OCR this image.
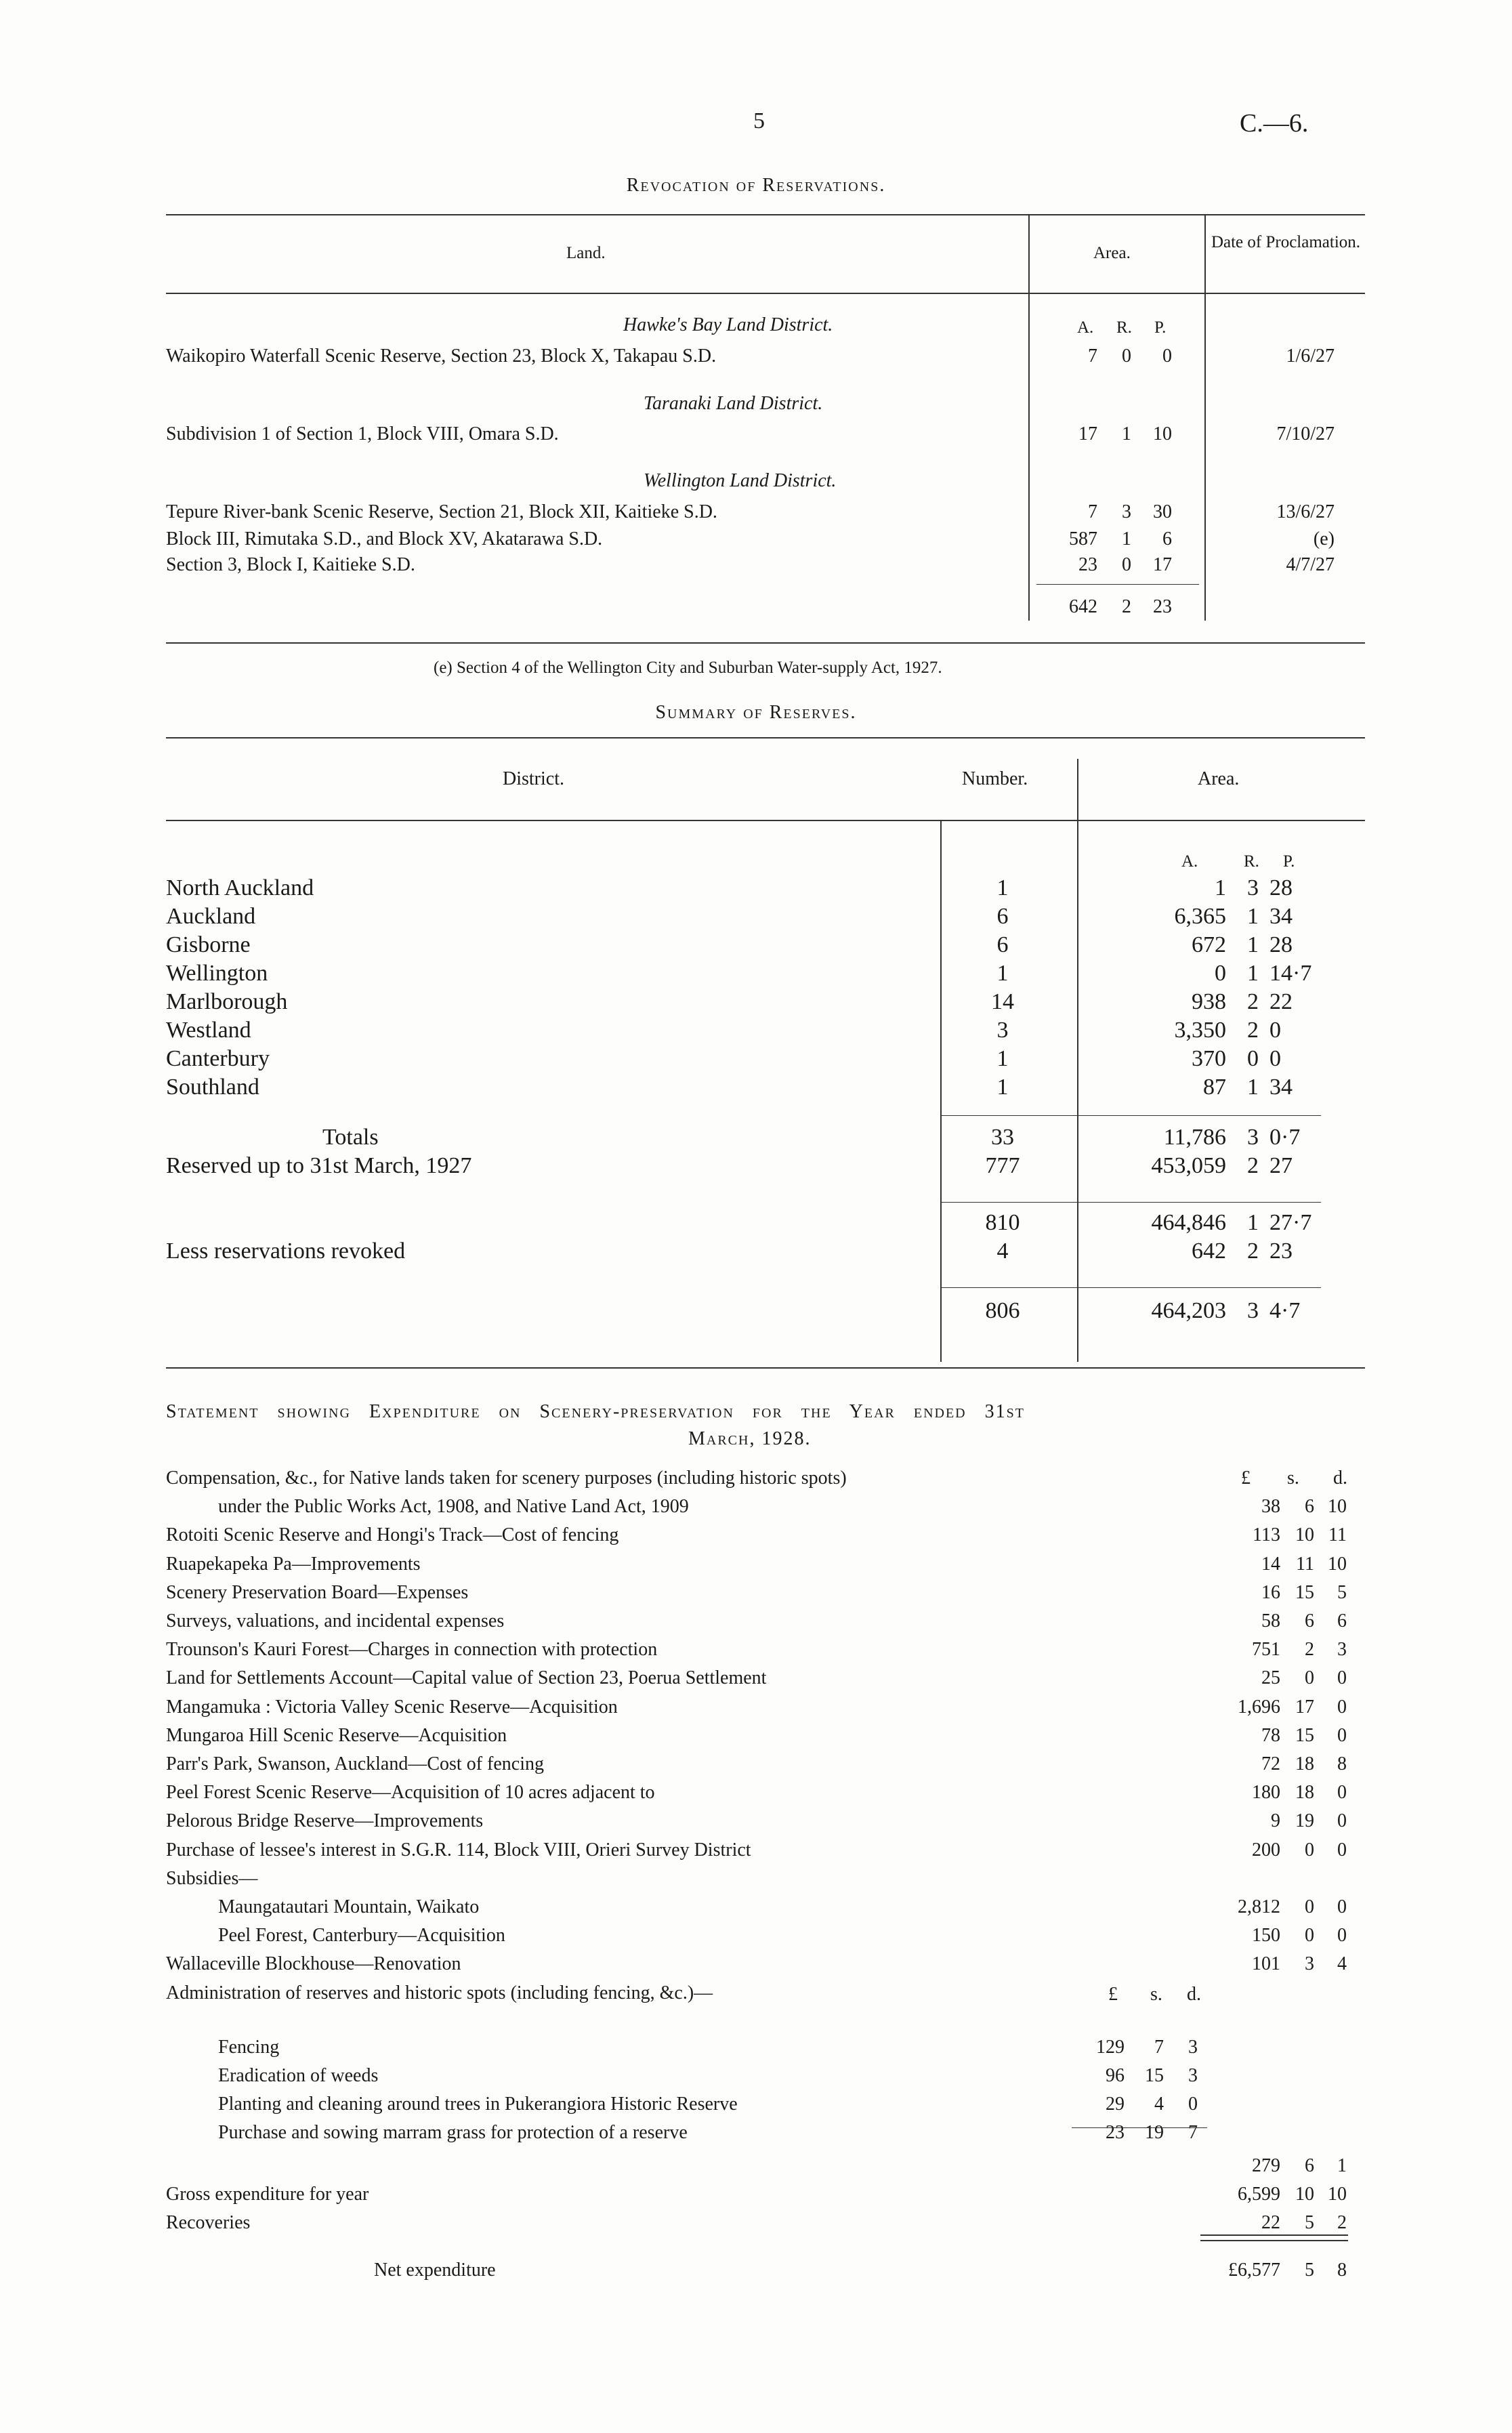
5	C.—6.
Revocation of Reservations.
Land.	Area.
Date of Proclamation.
A. R. P.
Hawke's Bay Land District.
Waikopiro Waterfall Scenic Reserve, Section 23, Block X, Takapau S.D.	7	0	0	1/6/27
Taranaki Land District.
Subdivision 1 of Section 1, Block VIII, Omara S.D.	17	1	10	7/10/27
Wellington Land District.
Tepure River-bank Scenic Reserve, Section 21, Block XII, Kaitieke S.D.	7	3	30	13/6/27
Block III, Rimutaka S.D., and Block XV, Akatarawa S.D.	587	1	6	(e)
Section 3, Block I, Kaitieke S.D.	23	0	17	4/7/27
642	2	23
(e) Section 4 of the Wellington City and Suburban Water-supply Act, 1927.
Summary of Reserves.
District.	Number.	Area.
A.	R. P.
North Auckland	1	1 3 28
Auckland	6	6,365 1 34
Gisborne	6	672 1 28
Wellington	1	0 1 14·7
Marlborough	14	938 2 22
Westland	3	3,350 2 0
Canterbury	1	370 0 0
Southland	1	87 1 34
Totals	33	11,786 3 0·7
Reserved up to 31st March, 1927	777	453,059 2 27
810	464,846 1 27·7
Less reservations revoked	4	642 2 23
806	464,203 3 4·7
Statement showing Expenditure on Scenery-preservation for the Year ended 31st
March, 1928.
£ s. d.
Compensation, &c., for Native lands taken for scenery purposes (including historic spots)
under the Public Works Act, 1908, and Native Land Act, 1909	38	6 10
Rotoiti Scenic Reserve and Hongi's Track—Cost of fencing	113 10 11
Ruapekapeka Pa—Improvements	14 11 10
Scenery Preservation Board—Expenses	16 15	5
Surveys, valuations, and incidental expenses	58	6	6
Trounson's Kauri Forest—Charges in connection with protection	751	2	3
Land for Settlements Account—Capital value of Section 23, Poerua Settlement	25	0	0
Mangamuka : Victoria Valley Scenic Reserve—Acquisition	1,696 17	0
Mungaroa Hill Scenic Reserve—Acquisition	78 15	0
Parr's Park, Swanson, Auckland—Cost of fencing	72 18	8
Peel Forest Scenic Reserve—Acquisition of 10 acres adjacent to	180 18	0
Pelorous Bridge Reserve—Improvements	9 19	0
Purchase of lessee's interest in S.G.R. 114, Block VIII, Orieri Survey District	200	0	0
Subsidies—
Maungatautari Mountain, Waikato	2,812	0	0
Peel Forest, Canterbury—Acquisition	150	0	0
Wallaceville Blockhouse—Renovation	101	3	4
Administration of reserves and historic spots (including fencing, &c.)—
Fencing	129	7	3
Eradication of weeds	96	15	3
Planting and cleaning around trees in Pukerangiora Historic Reserve	29	4	0
Purchase and sowing marram grass for protection of a reserve	23	19	7
279	6	1
Gross expenditure for year	6,599 10 10
Recoveries	22	5	2
Net expenditure	£6,577	5	8
£ s. d.
